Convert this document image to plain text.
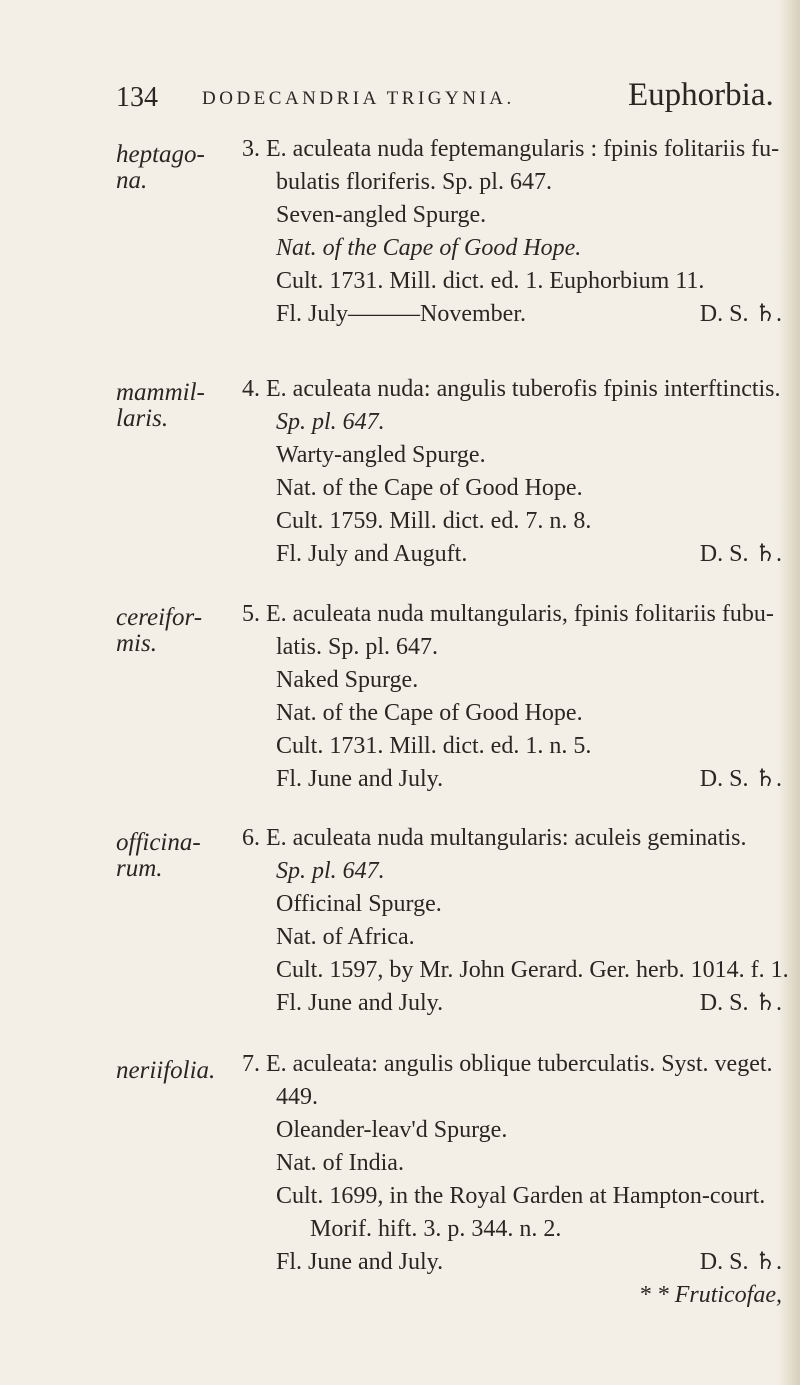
134 DODECANDRIA TRIGYNIA.	Euphorbia.
heptago-
na.
3. E. aculeata nuda feptemangularis : fpinis folitariis fu-
bulatis floriferis. Sp. pl. 647.
Seven-angled Spurge.
Nat. of the Cape of Good Hope.
Cult. 1731. Mill. dict. ed. 1. Euphorbium 11.
Fl. July———November.	D. S. ♄.
mammil-
laris.
4. E. aculeata nuda: angulis tuberofis fpinis interftinctis.
Sp. pl. 647.
Warty-angled Spurge.
Nat. of the Cape of Good Hope.
Cult. 1759. Mill. dict. ed. 7. n. 8.
Fl. July and Auguft.	D. S. ♄.
cereifor-
mis.
5. E. aculeata nuda multangularis, fpinis folitariis fubu-
latis. Sp. pl. 647.
Naked Spurge.
Nat. of the Cape of Good Hope.
Cult. 1731. Mill. dict. ed. 1. n. 5.
Fl. June and July.	D. S. ♄.
officina-
rum.
6. E. aculeata nuda multangularis: aculeis geminatis.
Sp. pl. 647.
Officinal Spurge.
Nat. of Africa.
Cult. 1597, by Mr. John Gerard. Ger. herb. 1014. f. 1.
Fl. June and July.	D. S. ♄.
neriifolia. 7. E. aculeata: angulis oblique tuberculatis. Syst. veget.
449.
Oleander-leav'd Spurge.
Nat. of India.
Cult. 1699, in the Royal Garden at Hampton-court.
Morif. hift. 3. p. 344. n. 2.
Fl. June and July.	D. S. ♄.
* * Fruticofae,
